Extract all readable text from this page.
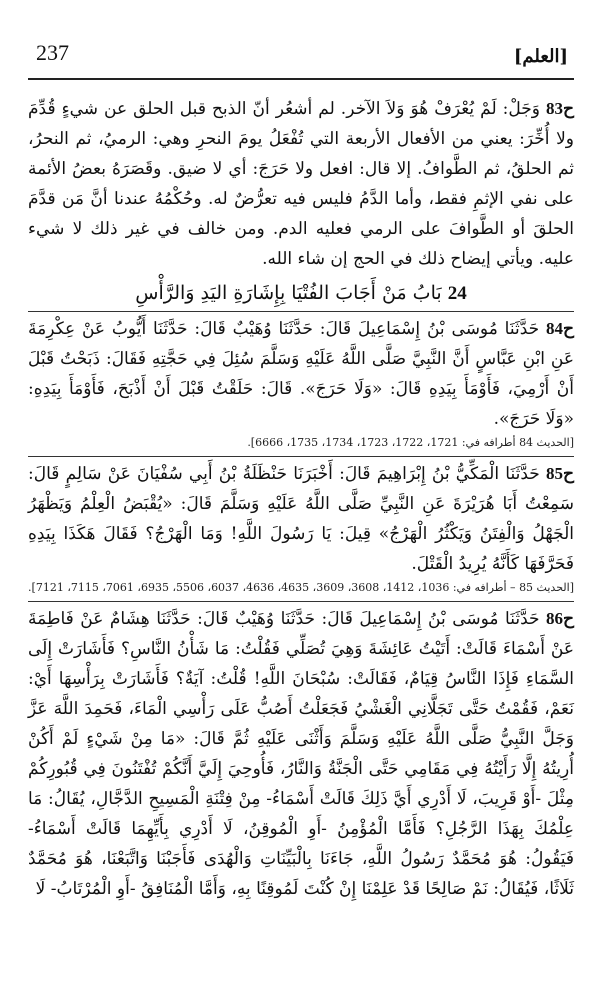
237	[العلم]

ح83 وَجَلْ: لَمْ يُعْرَفْ هُوَ وَلاَ الآخر. لم أشعُر أنّ الذبح قبل الحلق عن شيءٍ قُدِّمَ ولا أُخِّرَ: يعني من الأفعال الأربعة التي تُفْعَلُ يومَ النحرِ وهي: الرميُ، ثم النحرُ، ثم الحلقُ، ثم الطَّوافُ. إلا قال: افعل ولا حَرَجَ: أي لا ضيق. وقَصَرَهُ بعضُ الأئمة على نفي الإثمِ فقط، وأما الدَّمُ فليس فيه تعرُّضٌ له. وحُكْمُهُ عندنا أنَّ مَن قدَّمَ الحلقَ أو الطَّوافَ على الرمي فعليه الدم. ومن خالف في غير ذلك لا شيء عليه. ويأتي إيضاح ذلك في الحج إن شاء الله.

24 بَابُ مَنْ أَجَابَ الفُتْيَا بِإِشَارَةِ اليَدِ وَالرَّأْسِ

ح84 حَدَّثَنَا مُوسَى بْنُ إِسْمَاعِيلَ قَالَ: حَدَّثَنَا وُهَيْبٌ قَالَ: حَدَّثَنَا أَيُّوبُ عَنْ عِكْرِمَةَ عَنِ ابْنِ عَبَّاسٍ أَنَّ النَّبِيَّ صَلَّى اللَّهُ عَلَيْهِ وَسَلَّمَ سُئِلَ فِي حَجَّتِهِ فَقَالَ: ذَبَحْتُ قَبْلَ أَنْ أَرْمِيَ، فَأَوْمَأَ بِيَدِهِ قَالَ: «وَلَا حَرَجَ». قَالَ: حَلَقْتُ قَبْلَ أَنْ أَذْبَحَ، فَأَوْمَأَ بِيَدِهِ: «وَلَا حَرَجَ».

[الحديث 84 أطرافه في: 1721، 1722، 1723، 1734، 1735، 6666].

ح85 حَدَّثَنَا الْمَكِّيُّ بْنُ إِبْرَاهِيمَ قَالَ: أَخْبَرَنَا حَنْظَلَةُ بْنُ أَبِي سُفْيَانَ عَنْ سَالِمٍ قَالَ: سَمِعْتُ أَبَا هُرَيْرَةَ عَنِ النَّبِيِّ صَلَّى اللَّهُ عَلَيْهِ وَسَلَّمَ قَالَ: «يُقْبَضُ الْعِلْمُ وَيَظْهَرُ الْجَهْلُ وَالْفِتَنُ وَيَكْثُرُ الْهَرْجُ» قِيلَ: يَا رَسُولَ اللَّهِ! وَمَا الْهَرْجُ؟ فَقَالَ هَكَذَا بِيَدِهِ فَحَرَّفَهَا كَأَنَّهُ يُرِيدُ الْقَتْلَ.

[الحديث 85 – أطرافه في: 1036، 1412، 3608، 3609، 4635، 4636، 6037، 5506، 6935، 7061، 7115، 7121].

ح86 حَدَّثَنَا مُوسَى بْنُ إِسْمَاعِيلَ قَالَ: حَدَّثَنَا وُهَيْبٌ قَالَ: حَدَّثَنَا هِشَامٌ عَنْ فَاطِمَةَ عَنْ أَسْمَاءَ قَالَتْ: أَتَيْتُ عَائِشَةَ وَهِيَ تُصَلِّي فَقُلْتُ: مَا شَأْنُ النَّاسِ؟ فَأَشَارَتْ إِلَى السَّمَاءِ فَإِذَا النَّاسُ قِيَامٌ، فَقَالَتْ: سُبْحَانَ اللَّهِ! قُلْتُ: آيَةٌ؟ فَأَشَارَتْ بِرَأْسِهَا أَيْ: نَعَمْ، فَقُمْتُ حَتَّى تَجَلَّانِي الْغَشْيُ فَجَعَلْتُ أَصُبُّ عَلَى رَأْسِي الْمَاءَ، فَحَمِدَ اللَّهَ عَزَّ وَجَلَّ النَّبِيُّ صَلَّى اللَّهُ عَلَيْهِ وَسَلَّمَ وَأَثْنَى عَلَيْهِ ثُمَّ قَالَ: «مَا مِنْ شَيْءٍ لَمْ أَكُنْ أُرِيتُهُ إِلَّا رَأَيْتُهُ فِي مَقَامِي حَتَّى الْجَنَّةُ وَالنَّارُ، فَأُوحِيَ إِلَيَّ أَنَّكُمْ تُفْتَنُونَ فِي قُبُورِكُمْ مِثْلَ -أَوْ قَرِيبَ، لَا أَدْرِي أَيَّ ذَلِكَ قَالَتْ أَسْمَاءُ- مِنْ فِتْنَةِ الْمَسِيحِ الدَّجَّالِ، يُقَالُ: مَا عِلْمُكَ بِهَذَا الرَّجُلِ؟ فَأَمَّا الْمُؤْمِنُ -أَوِ الْمُوقِنُ، لَا أَدْرِي بِأَيِّهِمَا قَالَتْ أَسْمَاءُ- فَيَقُولُ: هُوَ مُحَمَّدٌ رَسُولُ اللَّهِ، جَاءَنَا بِالْبَيِّنَاتِ وَالْهُدَى فَأَجَبْنَا وَاتَّبَعْنَا، هُوَ مُحَمَّدٌ ثَلَاثًا، فَيُقَالُ: نَمْ صَالِحًا قَدْ عَلِمْنَا إِنْ كُنْتَ لَمُوقِنًا بِهِ، وَأَمَّا الْمُنَافِقُ -أَوِ الْمُرْتَابُ- لَا
